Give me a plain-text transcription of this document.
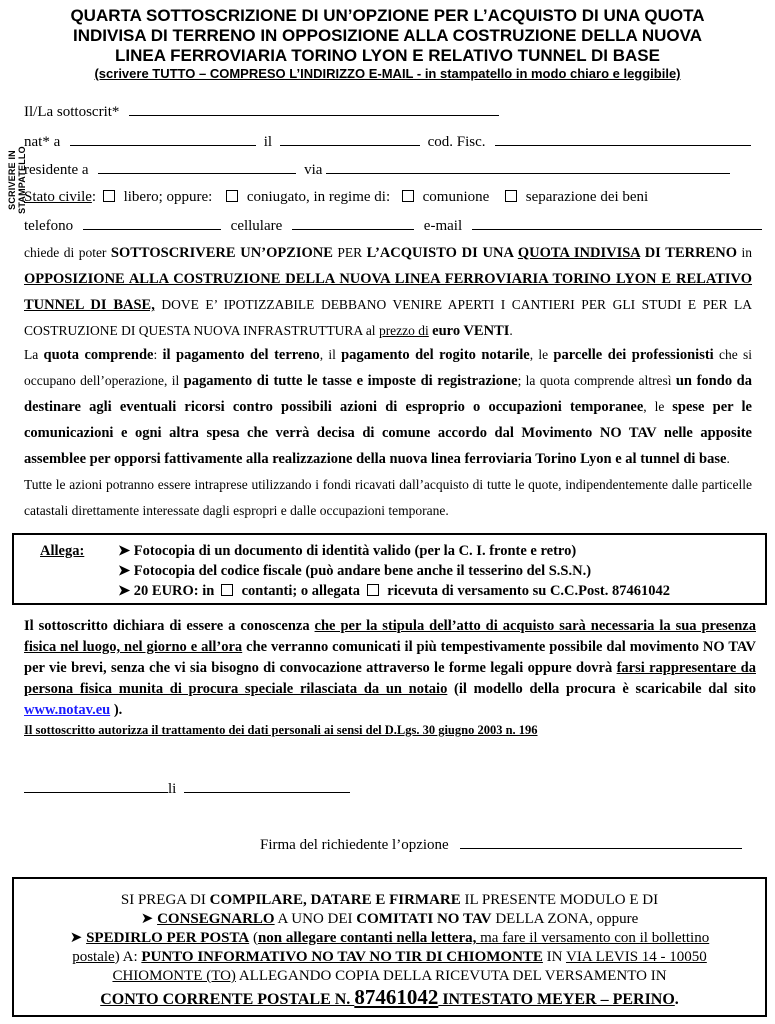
QUARTA SOTTOSCRIZIONE DI UN’OPZIONE PER L’ACQUISTO DI UNA QUOTA
INDIVISA DI TERRENO IN OPPOSIZIONE ALLA COSTRUZIONE DELLA NUOVA
LINEA FERROVIARIA TORINO LYON E RELATIVO TUNNEL DI BASE
(scrivere TUTTO – COMPRESO L’INDIRIZZO E-MAIL - in stampatello in modo chiaro e leggibile)
SCRIVERE IN STAMPATELLO
Il/La sottoscrit*
nat* a	il	cod. Fisc.
residente a	via
Stato civile: libero; oppure: coniugato, in regime di: comunione separazione dei beni
telefono	cellulare	e-mail
chiede di poter SOTTOSCRIVERE UN’OPZIONE PER L’ACQUISTO DI UNA QUOTA INDIVISA DI TERRENO in OPPOSIZIONE ALLA COSTRUZIONE DELLA NUOVA LINEA FERROVIARIA TORINO LYON E RELATIVO TUNNEL DI BASE, DOVE E’ IPOTIZZABILE DEBBANO VENIRE APERTI I CANTIERI PER GLI STUDI E PER LA COSTRUZIONE DI QUESTA NUOVA INFRASTRUTTURA al prezzo di euro VENTI.
La quota comprende: il pagamento del terreno, il pagamento del rogito notarile, le parcelle dei professionisti che si occupano dell’operazione, il pagamento di tutte le tasse e imposte di registrazione; la quota comprende altresì un fondo da destinare agli eventuali ricorsi contro possibili azioni di esproprio o occupazioni temporanee, le spese per le comunicazioni e ogni altra spesa che verrà decisa di comune accordo dal Movimento NO TAV nelle apposite assemblee per opporsi fattivamente alla realizzazione della nuova linea ferroviaria Torino Lyon e al tunnel di base.
Tutte le azioni potranno essere intraprese utilizzando i fondi ricavati dall’acquisto di tutte le quote, indipendentemente dalle particelle catastali direttamente interessate dagli espropri e dalle occupazioni temporane.
Allega: ➤ Fotocopia di un documento di identità valido (per la C. I. fronte e retro)
➤ Fotocopia del codice fiscale (può andare bene anche il tesserino del S.S.N.)
➤ 20 EURO: in contanti; o allegata ricevuta di versamento su C.C.Post. 87461042
Il sottoscritto dichiara di essere a conoscenza che per la stipula dell’atto di acquisto sarà necessaria la sua presenza fisica nel luogo, nel giorno e all’ora che verranno comunicati il più tempestivamente possibile dal movimento NO TAV per vie brevi, senza che vi sia bisogno di convocazione attraverso le forme legali oppure dovrà farsi rappresentare da persona fisica munita di procura speciale rilasciata da un notaio (il modello della procura è scaricabile dal sito www.notav.eu ).
Il sottoscritto autorizza il trattamento dei dati personali ai sensi del D.Lgs. 30 giugno 2003 n. 196
li
Firma del richiedente l’opzione
SI PREGA DI COMPILARE, DATARE E FIRMARE IL PRESENTE MODULO E DI
➤ CONSEGNARLO A UNO DEI COMITATI NO TAV DELLA ZONA, oppure
➤ SPEDIRLO PER POSTA (non allegare contanti nella lettera, ma fare il versamento con il bollettino
postale) A: PUNTO INFORMATIVO NO TAV NO TIR DI CHIOMONTE IN VIA LEVIS 14 - 10050
CHIOMONTE (TO) ALLEGANDO COPIA DELLA RICEVUTA DEL VERSAMENTO IN
CONTO CORRENTE POSTALE N. 87461042 INTESTATO MEYER – PERINO.
